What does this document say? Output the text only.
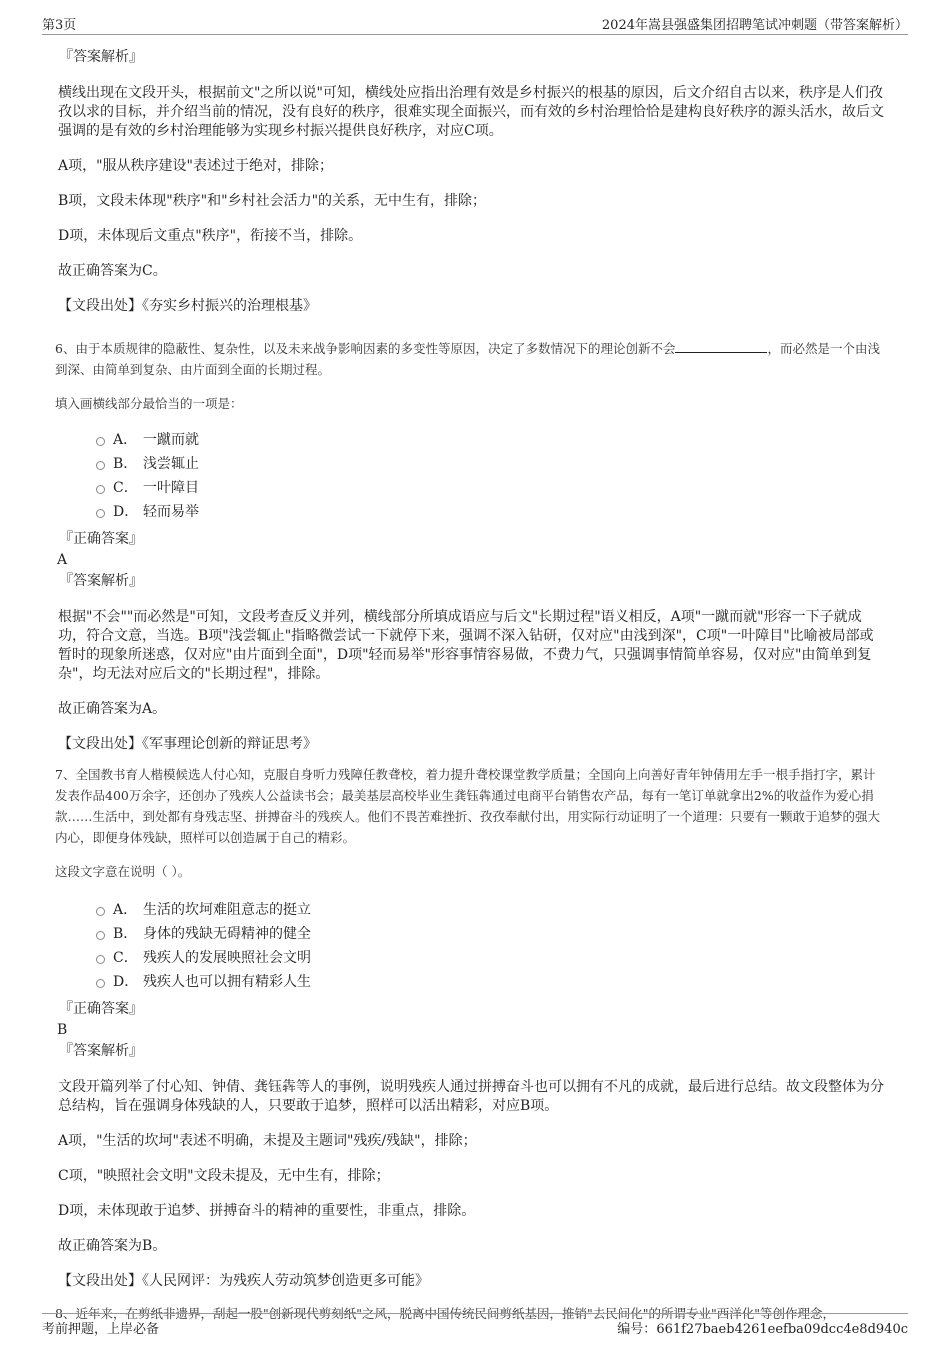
第3页	2024年嵩县强盛集团招聘笔试冲刺题（带答案解析）

『答案解析』

横线出现在文段开头，根据前文"之所以说"可知，横线处应指出治理有效是乡村振兴的根基的原因，后文介绍自古以来，秩序是人们孜孜以求的目标，并介绍当前的情况，没有良好的秩序，很难实现全面振兴，而有效的乡村治理恰恰是建构良好秩序的源头活水，故后文强调的是有效的乡村治理能够为实现乡村振兴提供良好秩序，对应C项。

A项，"服从秩序建设"表述过于绝对，排除；

B项，文段未体现"秩序"和"乡村社会活力"的关系，无中生有，排除；

D项，未体现后文重点"秩序"，衔接不当，排除。

故正确答案为C。

【文段出处】《夯实乡村振兴的治理根基》

6、由于本质规律的隐蔽性、复杂性，以及未来战争影响因素的多变性等原因，决定了多数情况下的理论创新不会	，而必然是一个由浅到深、由简单到复杂、由片面到全面的长期过程。

填入画横线部分最恰当的一项是：

A． 一蹴而就
B． 浅尝辄止
C． 一叶障目
D． 轻而易举

『正确答案』

A

『答案解析』

根据"不会""而必然是"可知，文段考查反义并列，横线部分所填成语应与后文"长期过程"语义相反，A项"一蹴而就"形容一下子就成功，符合文意，当选。B项"浅尝辄止"指略微尝试一下就停下来，强调不深入钻研，仅对应"由浅到深"，C项"一叶障目"比喻被局部或暂时的现象所迷惑，仅对应"由片面到全面"，D项"轻而易举"形容事情容易做，不费力气，只强调事情简单容易，仅对应"由简单到复杂"，均无法对应后文的"长期过程"，排除。

故正确答案为A。

【文段出处】《军事理论创新的辩证思考》

7、全国教书育人楷模候选人付心知，克服自身听力残障任教聋校，着力提升聋校课堂教学质量；全国向上向善好青年钟倩用左手一根手指打字，累计发表作品400万余字，还创办了残疾人公益读书会；最美基层高校毕业生龚钰犇通过电商平台销售农产品，每有一笔订单就拿出2%的收益作为爱心捐款……生活中，到处都有身残志坚、拼搏奋斗的残疾人。他们不畏苦难挫折、孜孜奉献付出，用实际行动证明了一个道理：只要有一颗敢于追梦的强大内心，即便身体残缺，照样可以创造属于自己的精彩。

这段文字意在说明（ ）。

A． 生活的坎坷难阻意志的挺立
B． 身体的残缺无碍精神的健全
C． 残疾人的发展映照社会文明
D． 残疾人也可以拥有精彩人生

『正确答案』

B

『答案解析』

文段开篇列举了付心知、钟倩、龚钰犇等人的事例，说明残疾人通过拼搏奋斗也可以拥有不凡的成就，最后进行总结。故文段整体为分总结构，旨在强调身体残缺的人，只要敢于追梦，照样可以活出精彩，对应B项。

A项，"生活的坎坷"表述不明确，未提及主题词"残疾/残缺"，排除；

C项，"映照社会文明"文段未提及，无中生有，排除；

D项，未体现敢于追梦、拼搏奋斗的精神的重要性，非重点，排除。

故正确答案为B。

【文段出处】《人民网评：为残疾人劳动筑梦创造更多可能》

8、近年来，在剪纸非遗界，刮起一股"创新现代剪刻纸"之风，脱离中国传统民间剪纸基因，推销"去民间化"的所谓专业"西洋化"等创作理念，

考前押题，上岸必备	编号：661f27baeb4261eefba09dcc4e8d940c
